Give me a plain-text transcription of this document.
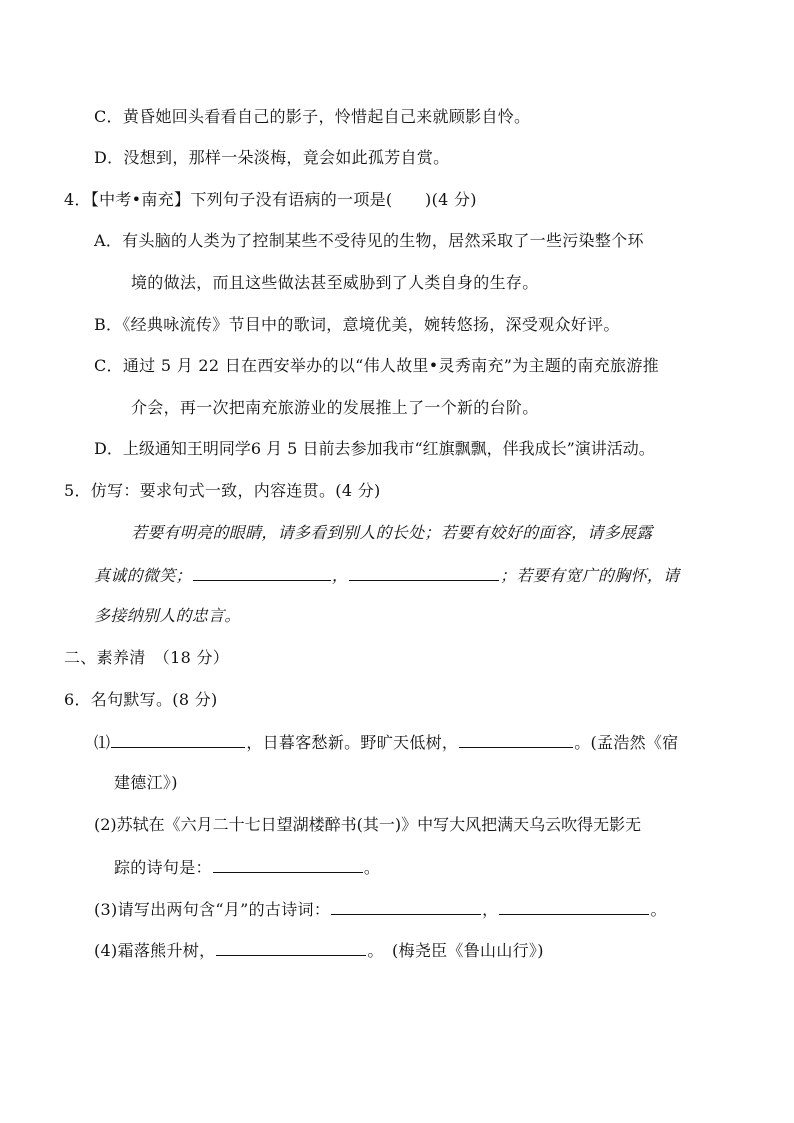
C．黄昏她回头看看自己的影子，怜惜起自己来就顾影自怜。
D．没想到，那样一朵淡梅，竟会如此孤芳自赏。
4．【中考•南充】下列句子没有语病的一项是(　　)(4 分)
A．有头脑的人类为了控制某些不受待见的生物，居然采取了一些污染整个环
境的做法，而且这些做法甚至威胁到了人类自身的生存。
B．《经典咏流传》节目中的歌词，意境优美，婉转悠扬，深受观众好评。
C．通过 5 月 22 日在西安举办的以“伟人故里•灵秀南充”为主题的南充旅游推
介会，再一次把南充旅游业的发展推上了一个新的台阶。
D．上级通知王明同学6 月 5 日前去参加我市“红旗飘飘，伴我成长”演讲活动。
5．仿写：要求句式一致，内容连贯。(4 分)
若要有明亮的眼睛，请多看到别人的长处；若要有姣好的面容，请多展露
真诚的微笑；	，	；若要有宽广的胸怀，请
多接纳别人的忠言。
二、素养清　（18 分）
6．名句默写。(8 分)
⑴	，日暮客愁新。野旷天低树，	。(孟浩然《宿
建德江》)
(2)苏轼在《六月二十七日望湖楼醉书(其一)》中写大风把满天乌云吹得无影无
踪的诗句是：	。
(3)请写出两句含“月”的古诗词：	，	。
(4)霜落熊升树，	。　(梅尧臣《鲁山山行》)
